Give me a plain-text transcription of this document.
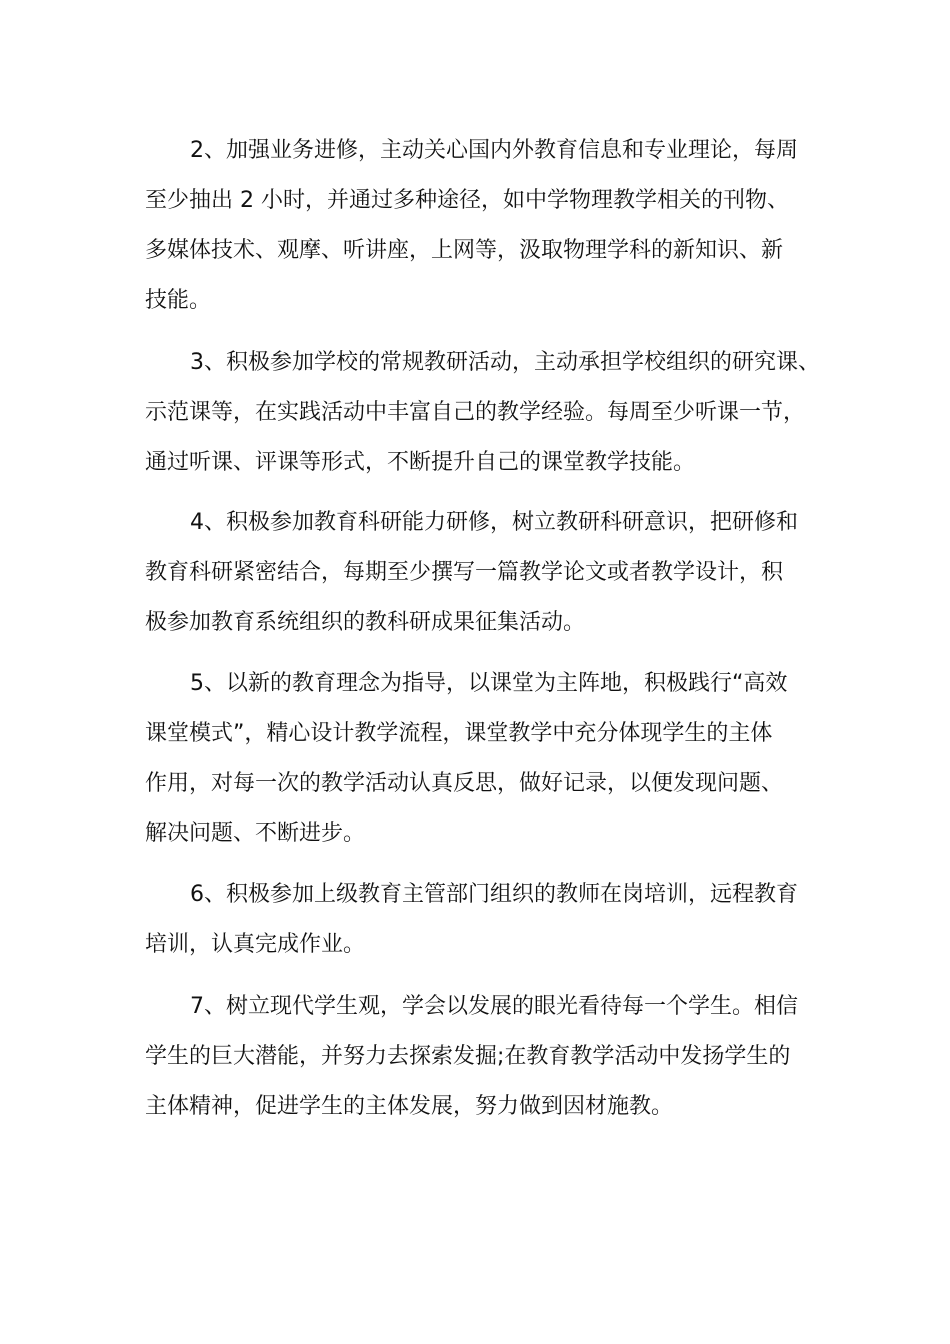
2、加强业务进修，主动关心国内外教育信息和专业理论，每周
至少抽出 2 小时，并通过多种途径，如中学物理教学相关的刊物、
多媒体技术、观摩、听讲座，上网等，汲取物理学科的新知识、新
技能。
3、积极参加学校的常规教研活动，主动承担学校组织的研究课、
示范课等，在实践活动中丰富自己的教学经验。每周至少听课一节，
通过听课、评课等形式，不断提升自己的课堂教学技能。
4、积极参加教育科研能力研修，树立教研科研意识，把研修和
教育科研紧密结合，每期至少撰写一篇教学论文或者教学设计，积
极参加教育系统组织的教科研成果征集活动。
5、以新的教育理念为指导，以课堂为主阵地，积极践行“高效
课堂模式”，精心设计教学流程，课堂教学中充分体现学生的主体
作用，对每一次的教学活动认真反思，做好记录，以便发现问题、
解决问题、不断进步。
6、积极参加上级教育主管部门组织的教师在岗培训，远程教育
培训，认真完成作业。
7、树立现代学生观，学会以发展的眼光看待每一个学生。相信
学生的巨大潜能，并努力去探索发掘;在教育教学活动中发扬学生的
主体精神，促进学生的主体发展，努力做到因材施教。
